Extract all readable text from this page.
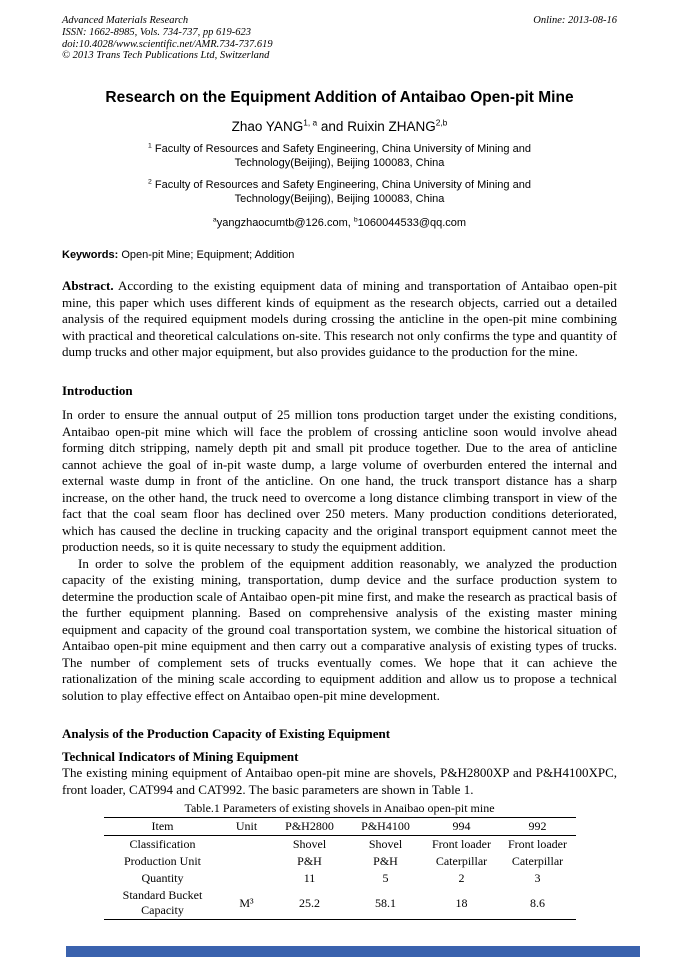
Advanced Materials Research
ISSN: 1662-8985, Vols. 734-737, pp 619-623
doi:10.4028/www.scientific.net/AMR.734-737.619
© 2013 Trans Tech Publications Ltd, Switzerland
Online: 2013-08-16
Research on the Equipment Addition of Antaibao Open-pit Mine
Zhao YANG$^{1, a}$ and Ruixin ZHANG$^{2,b}$
$^1$ Faculty of Resources and Safety Engineering, China University of Mining and Technology(Beijing), Beijing 100083, China
$^2$ Faculty of Resources and Safety Engineering, China University of Mining and Technology(Beijing), Beijing 100083, China
$^a$yangzhaocumtb@126.com, $^b$1060044533@qq.com
Keywords: Open-pit Mine; Equipment; Addition

Abstract. According to the existing equipment data of mining and transportation of Antaibao open-pit mine, this paper which uses different kinds of equipment as the research objects, carried out a detailed analysis of the required equipment models during crossing the anticline in the open-pit mine combining with practical and theoretical calculations on-site. This research not only confirms the type and quantity of dump trucks and other major equipment, but also provides guidance to the production for the mine.

Introduction

In order to ensure the annual output of 25 million tons production target under the existing conditions, Antaibao open-pit mine which will face the problem of crossing anticline soon would involve ahead forming ditch stripping, namely depth pit and small pit produce together. Due to the area of anticline cannot achieve the goal of in-pit waste dump, a large volume of overburden entered the internal and external waste dump in front of the anticline. On one hand, the truck transport distance has a sharp increase, on the other hand, the truck need to overcome a long distance climbing transport in view of the fact that the coal seam floor has declined over 250 meters. Many production conditions deteriorated, which has caused the decline in trucking capacity and the original transport equipment cannot meet the production needs, so it is quite necessary to study the equipment addition.

In order to solve the problem of the equipment addition reasonably, we analyzed the production capacity of the existing mining, transportation, dump device and the surface production system to determine the production scale of Antaibao open-pit mine first, and make the research as practical basis of the further equipment planning. Based on comprehensive analysis of the existing master mining equipment and capacity of the ground coal transportation system, we combine the historical situation of Antaibao open-pit mine equipment and then carry out a comparative analysis of existing types of trucks. The number of complement sets of trucks eventually comes. We hope that it can achieve the rationalization of the mining scale according to equipment addition and allow us to propose a technical solution to play effective effect on Antaibao open-pit mine development.

Analysis of the Production Capacity of Existing Equipment
Technical Indicators of Mining Equipment

The existing mining equipment of Antaibao open-pit mine are shovels, P&H2800XP and P&H4100XPC, front loader, CAT994 and CAT992. The basic parameters are shown in Table 1.

Table.1 Parameters of existing shovels in Anaibao open-pit mine
Item	Unit	P&H2800	P&H4100	994	992
Classification		Shovel	Shovel	Front loader	Front loader
Production Unit		P&H	P&H	Caterpillar	Caterpillar
Quantity		11	5	2	3
Standard Bucket Capacity	M³	25.2	58.1	18	8.6
